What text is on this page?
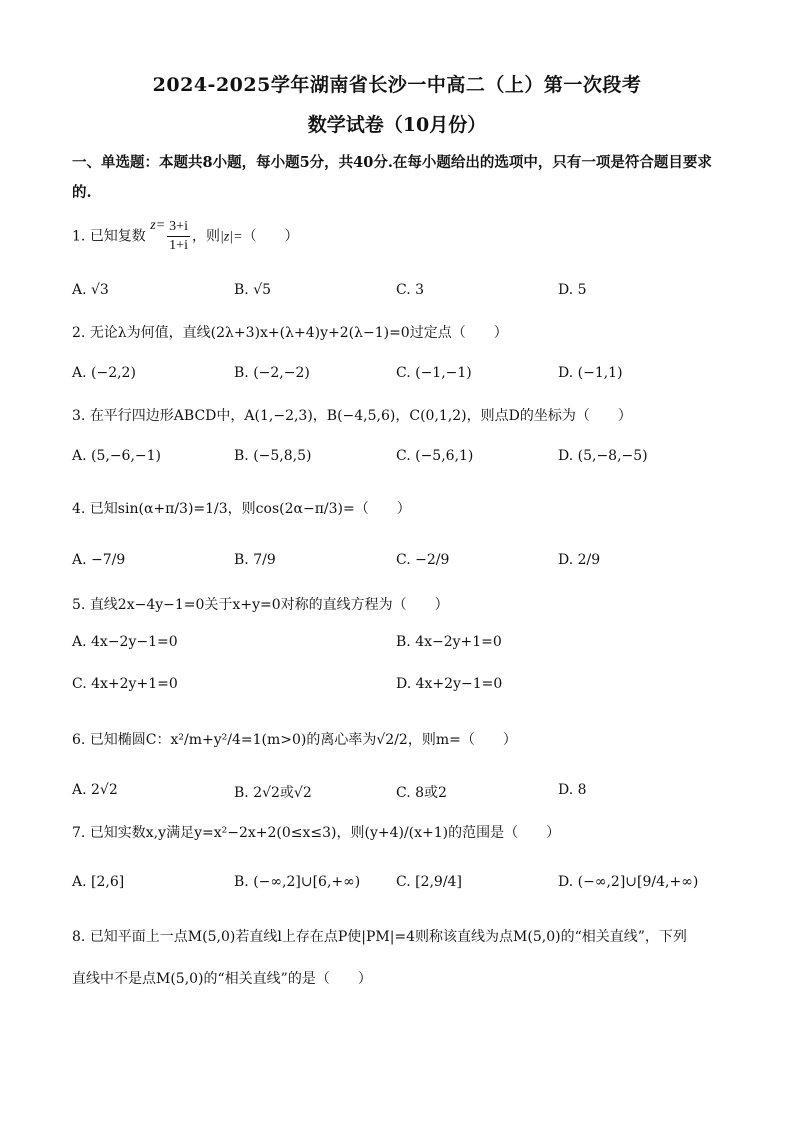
2024-2025学年湖南省长沙一中高二（上）第一次段考
数学试卷（10月份）
一、单选题：本题共8小题，每小题5分，共40分.在每小题给出的选项中，只有一项是符合题目要求的.
1. 已知复数 $z= \frac{3+i}{1+i}$ ，则|z|=（　　）
A. √3	B. √5	C. 3	D. 5
2. 无论λ为何值，直线(2λ+3)x+(λ+4)y+2(λ−1)=0过定点（　　）
A. (−2,2)	B. (−2,−2)	C. (−1,−1)	D. (−1,1)
3. 在平行四边形ABCD中，A(1,−2,3)，B(−4,5,6)，C(0,1,2)，则点D的坐标为（　　）
A. (5,−6,−1)	B. (−5,8,5)	C. (−5,6,1)	D. (5,−8,−5)
4. 已知sin(α+π/3)=1/3，则cos(2α−π/3)=（　　）
A. −7/9	B. 7/9	C. −2/9	D. 2/9
5. 直线2x−4y−1=0关于x+y=0对称的直线方程为（　　）
A. 4x−2y−1=0	B. 4x−2y+1=0
C. 4x+2y+1=0	D. 4x+2y−1=0
6. 已知椭圆C：x²/m+y²/4=1(m>0)的离心率为√2/2，则m=（　　）
A. 2√2	B. 2√2或√2	C. 8或2	D. 8
7. 已知实数x,y满足y=x²−2x+2(0≤x≤3)，则(y+4)/(x+1)的范围是（　　）
A. [2,6]	B. (−∞,2]∪[6,+∞)	C. [2,9/4]	D. (−∞,2]∪[9/4,+∞)
8. 已知平面上一点M(5,0)若直线l上存在点P使|PM|=4则称该直线为点M(5,0)的“相关直线”，下列
直线中不是点M(5,0)的“相关直线”的是（　　）
